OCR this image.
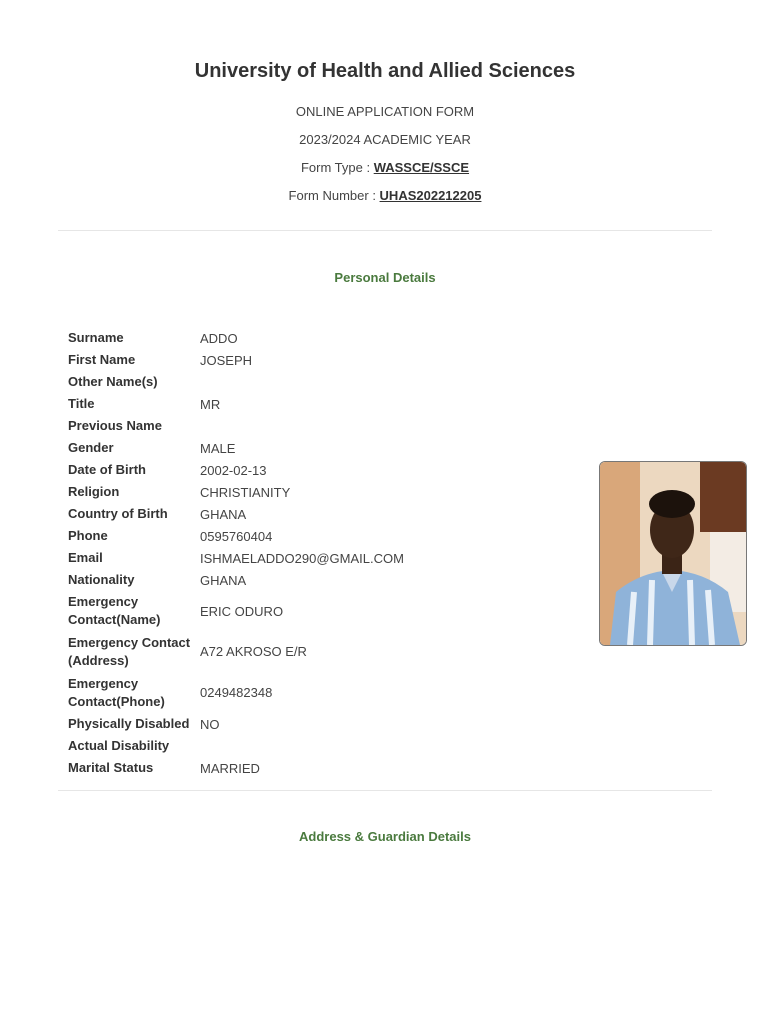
University of Health and Allied Sciences
ONLINE APPLICATION FORM
2023/2024 ACADEMIC YEAR
Form Type : WASSCE/SSCE
Form Number : UHAS202212205
Personal Details
Surname	ADDO
First Name	JOSEPH
Other Name(s)	
Title	MR
Previous Name	
Gender	MALE
Date of Birth	2002-02-13
Religion	CHRISTIANITY
Country of Birth	GHANA
Phone	0595760404
Email	ISHMAELADDO290@GMAIL.COM
Nationality	GHANA
Emergency Contact(Name)	ERIC ODURO
Emergency Contact (Address)	A72 AKROSO E/R
Emergency Contact(Phone)	0249482348
Physically Disabled	NO
Actual Disability	
Marital Status	MARRIED
Address & Guardian Details
